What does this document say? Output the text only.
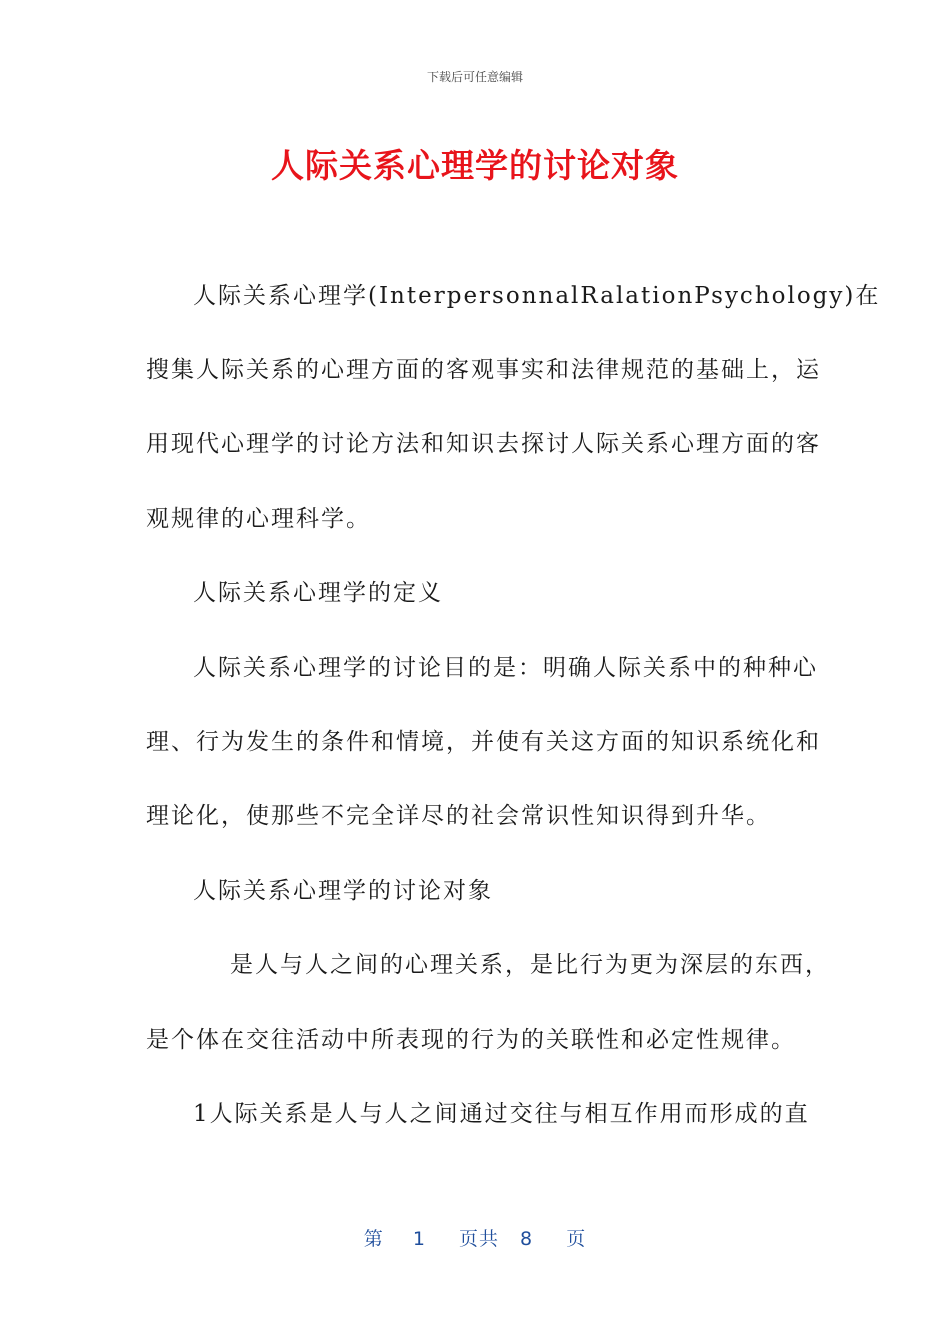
下载后可任意编辑
人际关系心理学的讨论对象
人际关系心理学(InterpersonnalRalationPsychology)在
搜集人际关系的心理方面的客观事实和法律规范的基础上，运
用现代心理学的讨论方法和知识去探讨人际关系心理方面的客
观规律的心理科学。
人际关系心理学的定义
人际关系心理学的讨论目的是：明确人际关系中的种种心
理、行为发生的条件和情境，并使有关这方面的知识系统化和
理论化，使那些不完全详尽的社会常识性知识得到升华。
人际关系心理学的讨论对象
是人与人之间的心理关系，是比行为更为深层的东西，
是个体在交往活动中所表现的行为的关联性和必定性规律。
1人际关系是人与人之间通过交往与相互作用而形成的直
第 1 页共 8 页
